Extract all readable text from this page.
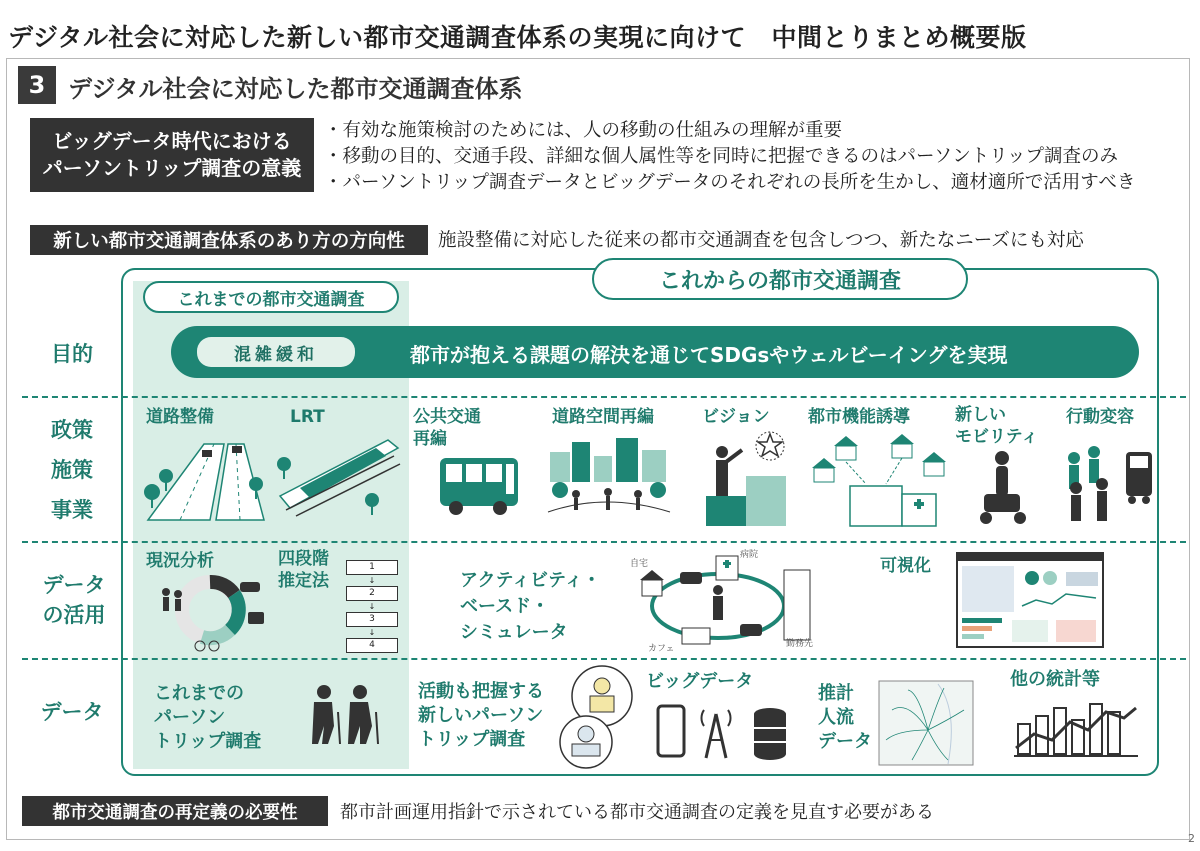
デジタル社会に対応した新しい都市交通調査体系の実現に向けて　中間とりまとめ概要版
3 デジタル社会に対応した都市交通調査体系
ビッグデータ時代における
パーソントリップ調査の意義
・有効な施策検討のためには、人の移動の仕組みの理解が重要
・移動の目的、交通手段、詳細な個人属性等を同時に把握できるのはパーソントリップ調査のみ
・パーソントリップ調査データとビッグデータのそれぞれの長所を生かし、適材適所で活用すべき
新しい都市交通調査体系のあり方の方向性	施設整備に対応した従来の都市交通調査を包含しつつ、新たなニーズにも対応
これからの都市交通調査
これまでの都市交通調査
目的
政策
施策
事業
データ
の活用
データ
混雑緩和	都市が抱える課題の解決を通じてSDGsやウェルビーイングを実現
道路整備	LRT	公共交通
再編
道路空間再編	ビジョン 都市機能誘導	新しい
モビリティ
行動変容
現況分析	四段階
推定法
1
↓
2
↓
3
↓
4
アクティビティ・
ベースド・
シミュレータ
自宅
病院
カフェ	勤務先
可視化
これまでの
パーソン
トリップ調査
活動も把握する
新しいパーソン
トリップ調査
ビッグデータ
推計
人流
データ
他の統計等
都市交通調査の再定義の必要性	都市計画運用指針で示されている都市交通調査の定義を見直す必要がある
2
